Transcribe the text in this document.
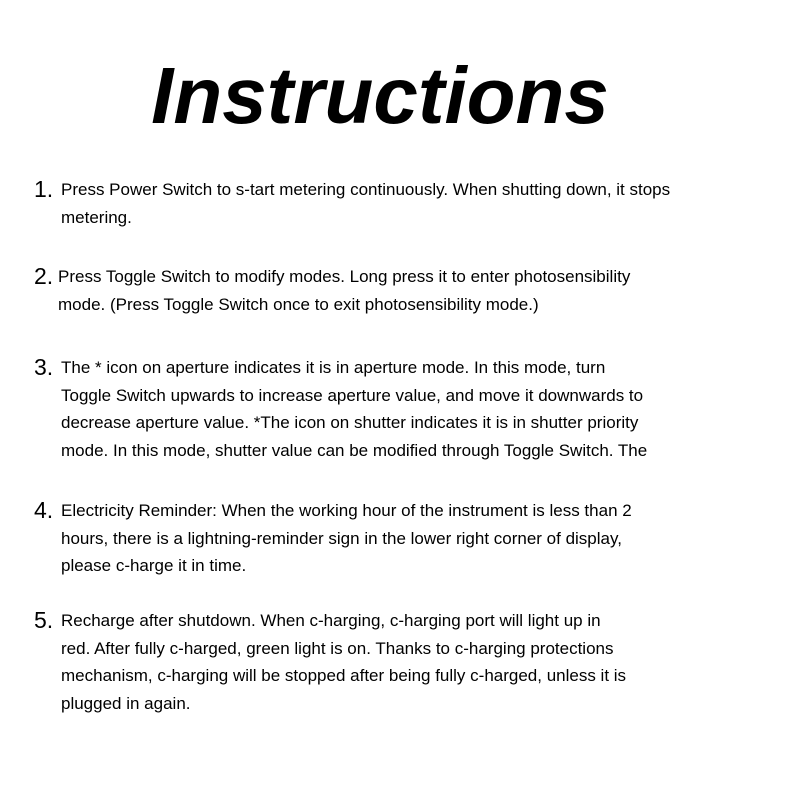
Instructions
1. Press Power Switch to s-tart metering continuously. When shutting down, it stops
metering.
2. Press Toggle Switch to modify modes. Long press it to enter photosensibility
mode. (Press Toggle Switch once to exit photosensibility mode.)
3. The * icon on aperture indicates it is in aperture mode. In this mode, turn
Toggle Switch upwards to increase aperture value, and move it downwards to
decrease aperture value. *The icon on shutter indicates it is in shutter priority
mode. In this mode, shutter value can be modified through Toggle Switch. The
4. Electricity Reminder: When the working hour of the instrument is less than 2
hours, there is a lightning-reminder sign in the lower right corner of display,
please c-harge it in time.
5. Recharge after shutdown. When c-harging, c-harging port will light up in
red. After fully c-harged, green light is on. Thanks to c-harging protections
mechanism, c-harging will be stopped after being fully c-harged, unless it is
plugged in again.
